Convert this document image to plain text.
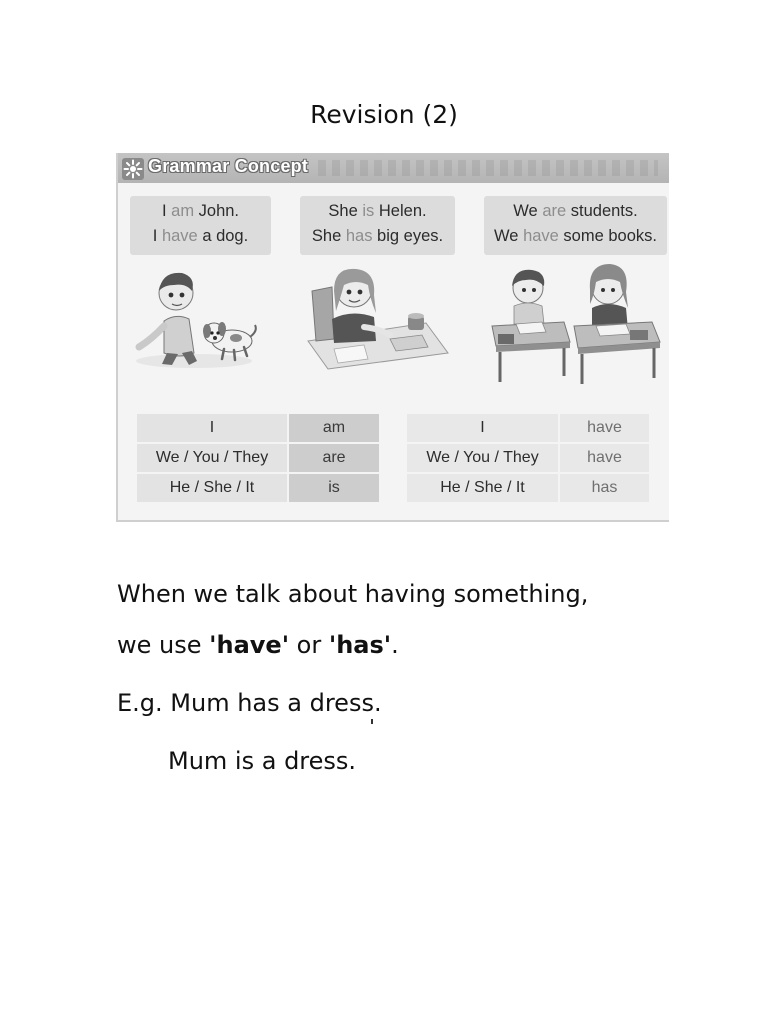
Revision (2)
Grammar Concept
I am John.
I have a dog.
She is Helen.
She has big eyes.
We are students.
We have some books.
I	am
We / You / They	are
He / She / It	is
I	have
We / You / They	have
He / She / It	has
When we talk about having something,
we use 'have' or 'has'.
E.g. Mum has a dress.
Mum is a dress.
